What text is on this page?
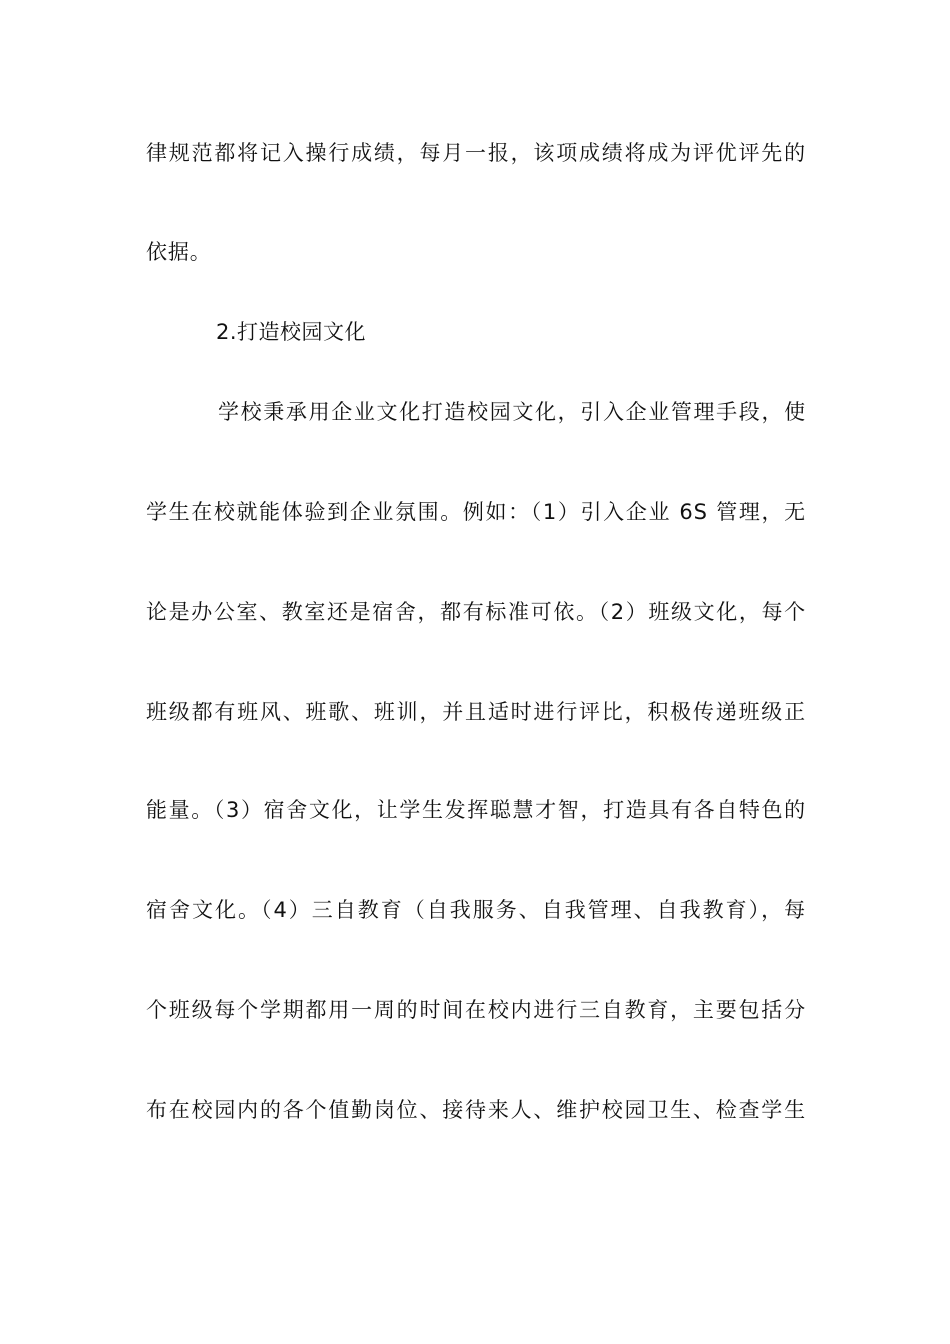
律规范都将记入操行成绩，每月一报，该项成绩将成为评优评先的
依据。
2.打造校园文化
学校秉承用企业文化打造校园文化，引入企业管理手段，使
学生在校就能体验到企业氛围。例如：（1）引入企业 6S 管理，无
论是办公室、教室还是宿舍，都有标准可依。（2）班级文化，每个
班级都有班风、班歌、班训，并且适时进行评比，积极传递班级正
能量。（3）宿舍文化，让学生发挥聪慧才智，打造具有各自特色的
宿舍文化。（4）三自教育（自我服务、自我管理、自我教育），每
个班级每个学期都用一周的时间在校内进行三自教育，主要包括分
布在校园内的各个值勤岗位、接待来人、维护校园卫生、检查学生
